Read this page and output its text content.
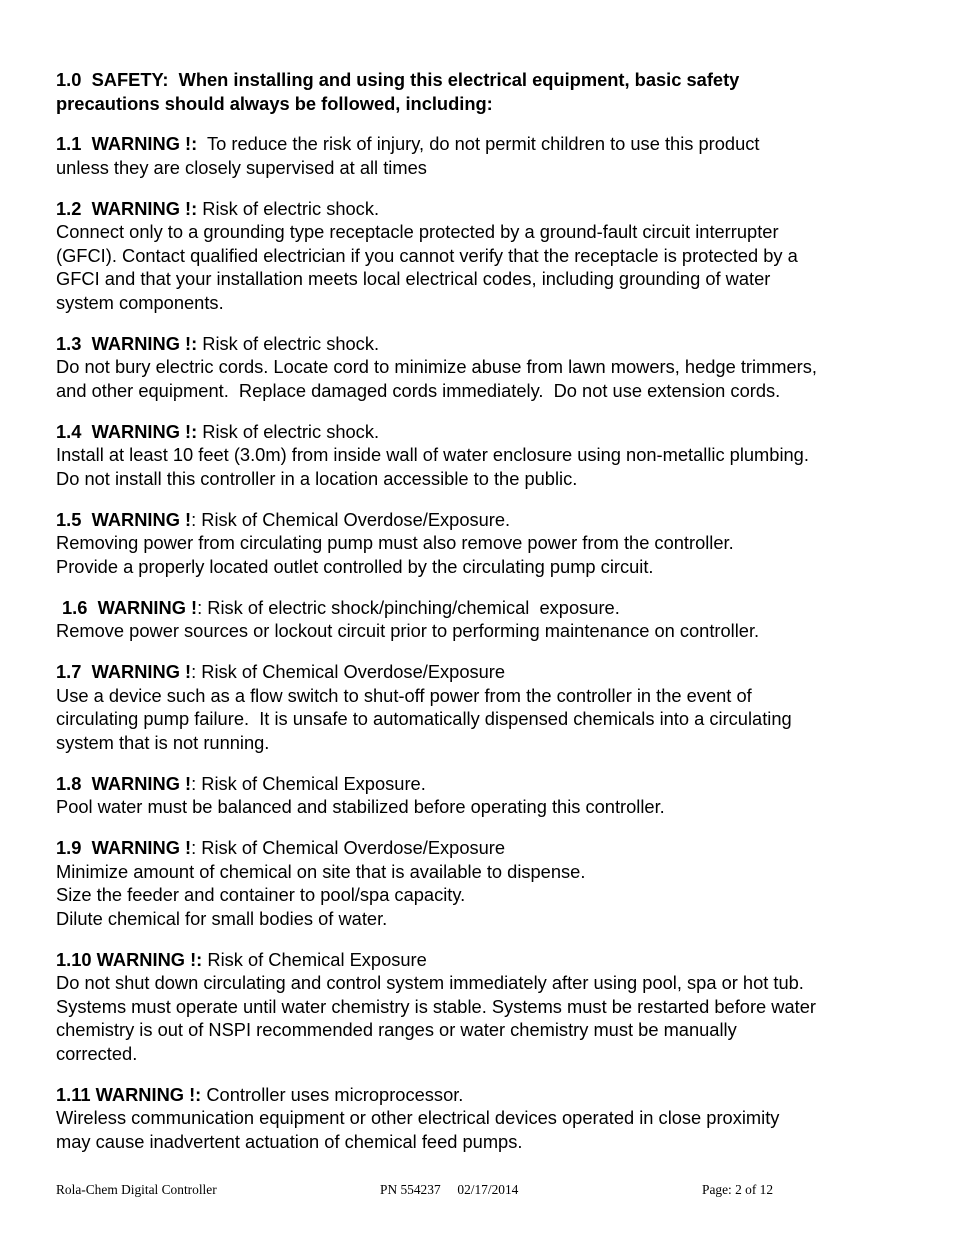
1.0  SAFETY:  When installing and using this electrical equipment, basic safety
precautions should always be followed, including:
1.1  WARNING !:  To reduce the risk of injury, do not permit children to use this product
unless they are closely supervised at all times
1.2  WARNING !: Risk of electric shock.
Connect only to a grounding type receptacle protected by a ground-fault circuit interrupter
(GFCI). Contact qualified electrician if you cannot verify that the receptacle is protected by a
GFCI and that your installation meets local electrical codes, including grounding of water
system components.
1.3  WARNING !: Risk of electric shock.
Do not bury electric cords. Locate cord to minimize abuse from lawn mowers, hedge trimmers,
and other equipment.  Replace damaged cords immediately.  Do not use extension cords.
1.4  WARNING !: Risk of electric shock.
Install at least 10 feet (3.0m) from inside wall of water enclosure using non-metallic plumbing.
Do not install this controller in a location accessible to the public.
1.5  WARNING !: Risk of Chemical Overdose/Exposure.
Removing power from circulating pump must also remove power from the controller.
Provide a properly located outlet controlled by the circulating pump circuit.
1.6  WARNING !: Risk of electric shock/pinching/chemical  exposure.
Remove power sources or lockout circuit prior to performing maintenance on controller.
1.7  WARNING !: Risk of Chemical Overdose/Exposure
Use a device such as a flow switch to shut-off power from the controller in the event of
circulating pump failure.  It is unsafe to automatically dispensed chemicals into a circulating
system that is not running.
1.8  WARNING !: Risk of Chemical Exposure.
Pool water must be balanced and stabilized before operating this controller.
1.9  WARNING !: Risk of Chemical Overdose/Exposure
Minimize amount of chemical on site that is available to dispense.
Size the feeder and container to pool/spa capacity.
Dilute chemical for small bodies of water.
1.10 WARNING !: Risk of Chemical Exposure
Do not shut down circulating and control system immediately after using pool, spa or hot tub.
Systems must operate until water chemistry is stable. Systems must be restarted before water
chemistry is out of NSPI recommended ranges or water chemistry must be manually
corrected.
1.11 WARNING !: Controller uses microprocessor.
Wireless communication equipment or other electrical devices operated in close proximity
may cause inadvertent actuation of chemical feed pumps.
Rola-Chem Digital Controller	PN 554237     02/17/2014	Page: 2 of 12
